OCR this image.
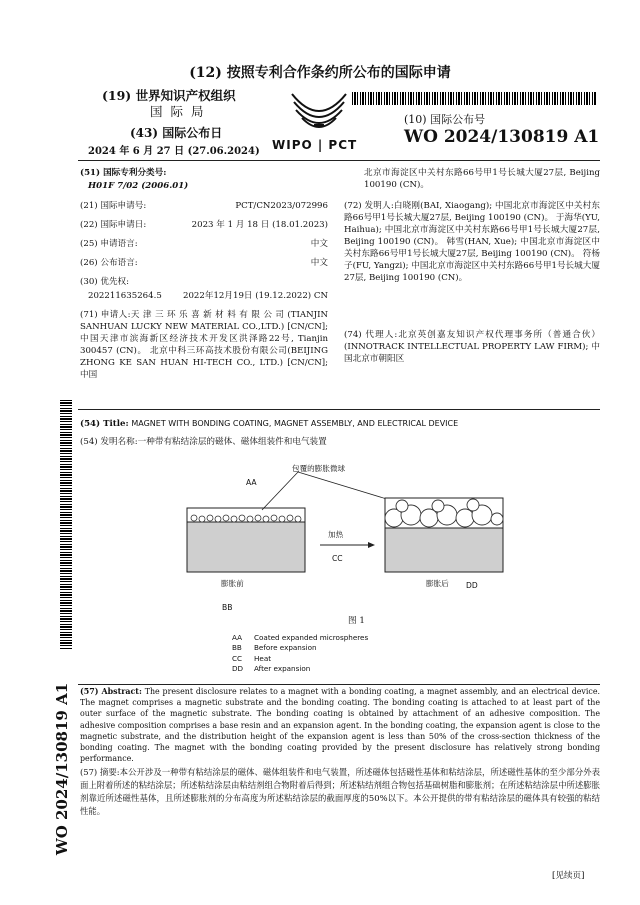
(12) 按照专利合作条约所公布的国际申请
(19) 世界知识产权组织
国 际 局
(43) 国际公布日
2024 年 6 月 27 日 (27.06.2024) WIPO | PCT
(10) 国际公布号
WO 2024/130819 A1
(51) 国际专利分类号:
H01F 7/02 (2006.01)
(21) 国际申请号:	PCT/CN2023/072996
(22) 国际申请日:	2023 年 1 月 18 日 (18.01.2023)
(25) 申请语言:	中文
(26) 公布语言:	中文
(30) 优先权:
202211635264.5 2022年12月19日 (19.12.2022) CN
(71) 申请人:天 津 三 环 乐 喜 新 材 料 有 限 公 司 (TIANJIN SANHUAN LUCKY NEW MATERIAL CO.,LTD.) [CN/CN]; 中国天津市滨海新区经济技术开发区洪泽路22号, Tianjin 300457 (CN)。 北京中科三环高技术股份有限公司(BEIJING ZHONG KE SAN HUAN HI-TECH CO., LTD.) [CN/CN]; 中国
北京市海淀区中关村东路66号甲1号长城大厦27层, Beijing 100190 (CN)。
(72) 发明人:白晓刚(BAI, Xiaogang); 中国北京市海淀区中关村东路66号甲1号长城大厦27层, Beijing 100190 (CN)。 于海华(YU, Haihua); 中国北京市海淀区中关村东路66号甲1号长城大厦27层, Beijing 100190 (CN)。 韩雪(HAN, Xue); 中国北京市海淀区中关村东路66号甲1号长城大厦27层, Beijing 100190 (CN)。 符杨子(FU, Yangzi); 中国北京市海淀区中关村东路66号甲1号长城大厦27层, Beijing 100190 (CN)。
(74) 代理人:北京英创嘉友知识产权代理事务所（普通合伙）(INNOTRACK INTELLECTUAL PROPERTY LAW FIRM); 中国北京市朝阳区
WO 2024/130819 A1
(54) Title: MAGNET WITH BONDING COATING, MAGNET ASSEMBLY, AND ELECTRICAL DEVICE
(54) 发明名称:一种带有粘结涂层的磁体、磁体组装件和电气装置
包覆的膨胀微球
AA
加热
CC
膨胀前	膨胀后 DD
BB
图 1
AA Coated expanded microspheres
BB Before expansion
CC Heat
DD After expansion
(57) Abstract: The present disclosure relates to a magnet with a bonding coating, a magnet assembly, and an electrical device. The magnet comprises a magnetic substrate and the bonding coating. The bonding coating is attached to at least part of the outer surface of the magnetic substrate. The bonding coating is obtained by attachment of an adhesive composition. The adhesive composition comprises a base resin and an expansion agent. In the bonding coating, the expansion agent is close to the magnetic substrate, and the distribution height of the expansion agent is less than 50% of the cross-section thickness of the bonding coating. The magnet with the bonding coating provided by the present disclosure has relatively strong bonding performance.
(57) 摘要:本公开涉及一种带有粘结涂层的磁体、磁体组装件和电气装置，所述磁体包括磁性基体和粘结涂层，所述磁性基体的至少部分外表面上附着所述的粘结涂层；所述粘结涂层由粘结剂组合物附着后得到；所述粘结剂组合物包括基础树脂和膨胀剂；在所述粘结涂层中所述膨胀剂靠近所述磁性基体，且所述膨胀剂的分布高度为所述粘结涂层的截面厚度的50%以下。本公开提供的带有粘结涂层的磁体具有较强的粘结性能。
[见续页]
